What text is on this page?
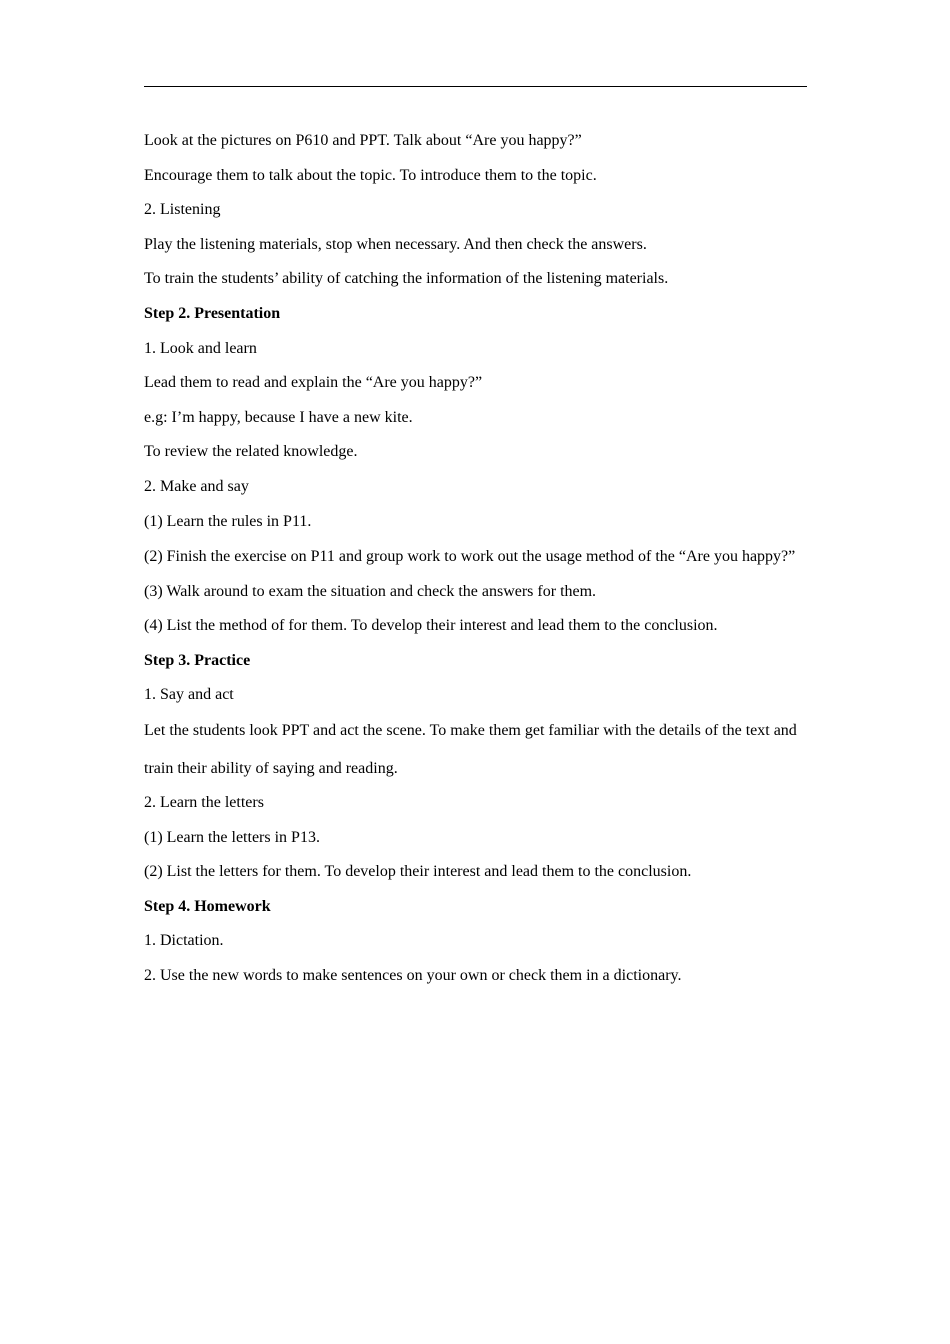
Look at the pictures on P610 and PPT. Talk about “Are you happy?”

Encourage them to talk about the topic. To introduce them to the topic.

2. Listening

Play the listening materials, stop when necessary. And then check the answers.

To train the students’ ability of catching the information of the listening materials.

Step 2. Presentation

1. Look and learn

Lead them to read and explain the “Are you happy?”

e.g: I’m happy, because I have a new kite.

To review the related knowledge.

2. Make and say

(1) Learn the rules in P11.

(2) Finish the exercise on P11 and group work to work out the usage method of the “Are you happy?”

(3) Walk around to exam the situation and check the answers for them.

(4) List the method of for them. To develop their interest and lead them to the conclusion.

Step 3. Practice

1. Say and act

Let the students look PPT and act the scene. To make them get familiar with the details of the text and train their ability of saying and reading.

2. Learn the letters

(1) Learn the letters in P13.

(2) List the letters for them. To develop their interest and lead them to the conclusion.

Step 4. Homework

1. Dictation.

2. Use the new words to make sentences on your own or check them in a dictionary.
